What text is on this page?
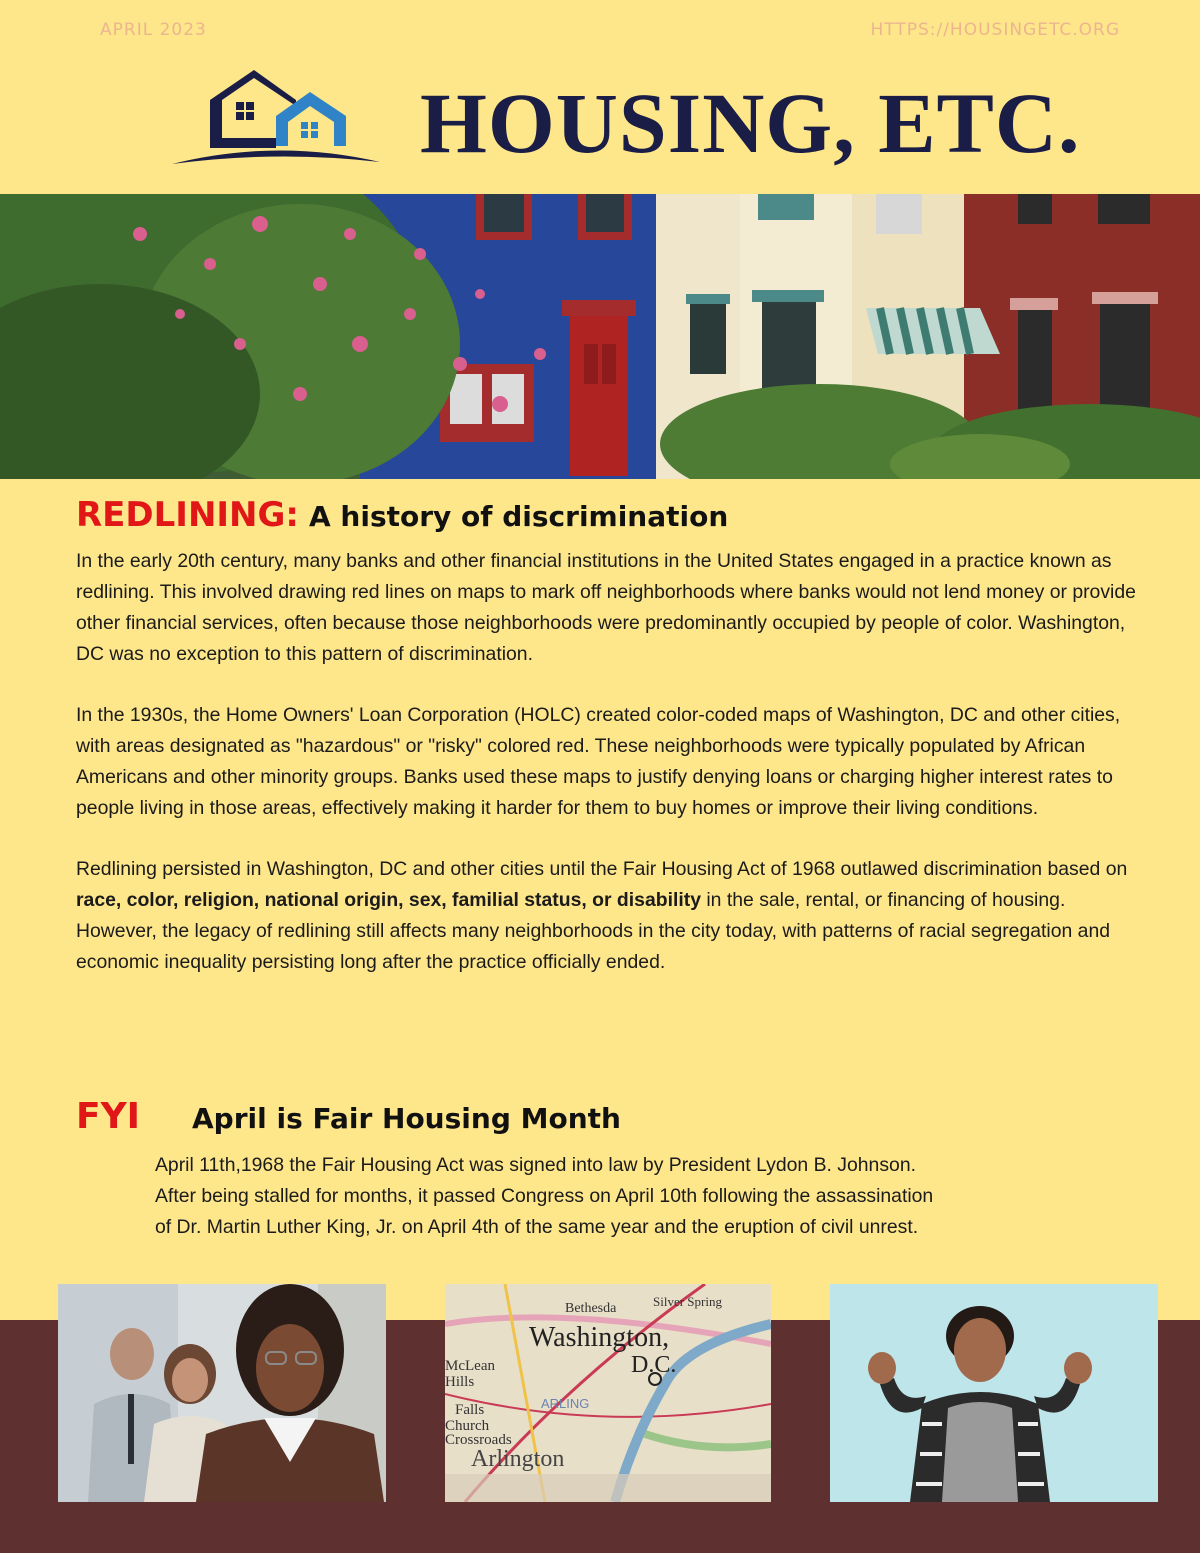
APRIL 2023	HTTPS://HOUSINGETC.ORG
HOUSING, ETC.
REDLINING: A history of discrimination

In the early 20th century, many banks and other financial institutions in the United States engaged in a practice known as redlining. This involved drawing red lines on maps to mark off neighborhoods where banks would not lend money or provide other financial services, often because those neighborhoods were predominantly occupied by people of color. Washington, DC was no exception to this pattern of discrimination.

In the 1930s, the Home Owners' Loan Corporation (HOLC) created color-coded maps of Washington, DC and other cities, with areas designated as "hazardous" or "risky" colored red. These neighborhoods were typically populated by African Americans and other minority groups. Banks used these maps to justify denying loans or charging higher interest rates to people living in those areas, effectively making it harder for them to buy homes or improve their living conditions.

Redlining persisted in Washington, DC and other cities until the Fair Housing Act of 1968 outlawed discrimination based on race, color, religion, national origin, sex, familial status, or disability in the sale, rental, or financing of housing. However, the legacy of redlining still affects many neighborhoods in the city today, with patterns of racial segregation and economic inequality persisting long after the practice officially ended.

FYI April is Fair Housing Month

April 11th,1968 the Fair Housing Act was signed into law by President Lydon B. Johnson.

After being stalled for months, it passed Congress on April 10th following the assassination

of Dr. Martin Luther King, Jr. on April 4th of the same year and the eruption of civil unrest.

Bethesda	Silver Spring
Washington,
D.C.
McLean
Hills
Falls
Church
Crossroads
Arlington
ARLING
